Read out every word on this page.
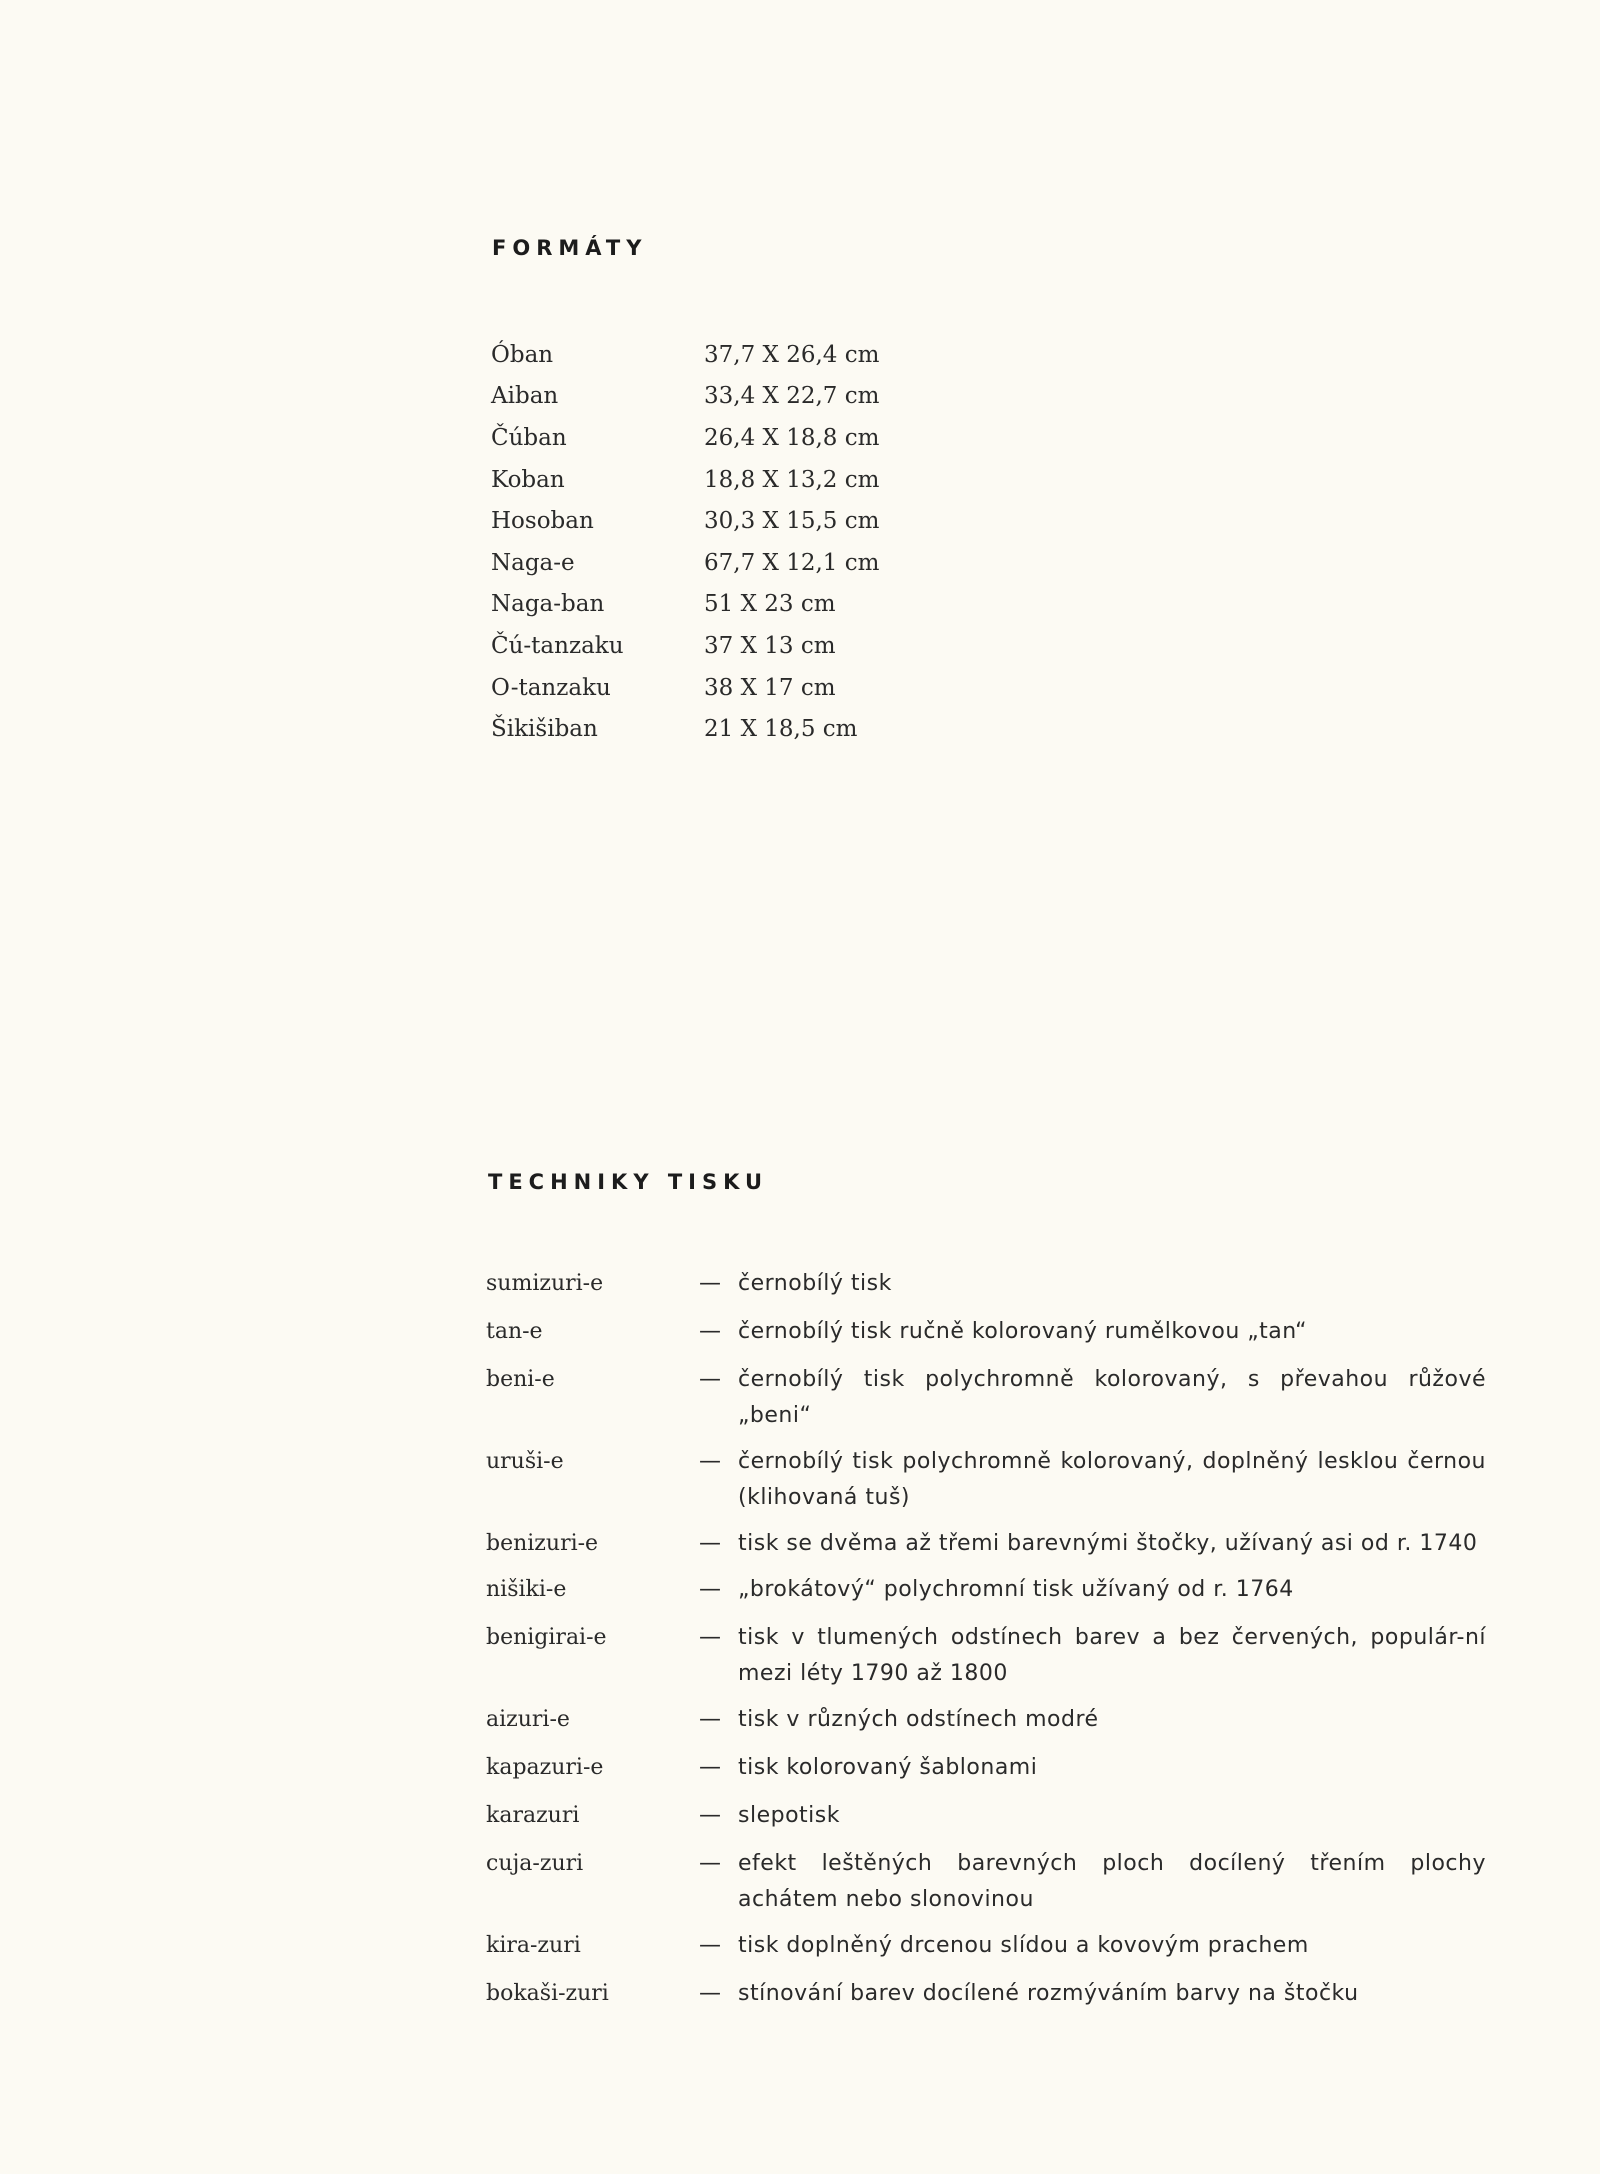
FORMÁTY
Óban	37,7 X 26,4 cm
Aiban	33,4 X 22,7 cm
Čúban	26,4 X 18,8 cm
Koban	18,8 X 13,2 cm
Hosoban	30,3 X 15,5 cm
Naga-e	67,7 X 12,1 cm
Naga-ban	51 X 23 cm
Čú-tanzaku	37 X 13 cm
O-tanzaku	38 X 17 cm
Šikišiban	21 X 18,5 cm
TECHNIKY TISKU
sumizuri-e	— černobílý tisk
tan-e	— černobílý tisk ručně kolorovaný rumělkovou „tan“
beni-e	— černobílý tisk polychromně kolorovaný, s převahou růžové „beni“
uruši-e	— černobílý tisk polychromně kolorovaný, doplněný lesklou černou (klihovaná tuš)
benizuri-e	— tisk se dvěma až třemi barevnými štočky, užívaný asi od r. 1740
nišiki-e	— „brokátový“ polychromní tisk užívaný od r. 1764
benigirai-e	— tisk v tlumených odstínech barev a bez červených, populár-ní mezi léty 1790 až 1800
aizuri-e	— tisk v různých odstínech modré
kapazuri-e	— tisk kolorovaný šablonami
karazuri	— slepotisk
cuja-zuri	— efekt leštěných barevných ploch docílený třením plochy achátem nebo slonovinou
kira-zuri	— tisk doplněný drcenou slídou a kovovým prachem
bokaši-zuri	— stínování barev docílené rozmýváním barvy na štočku
